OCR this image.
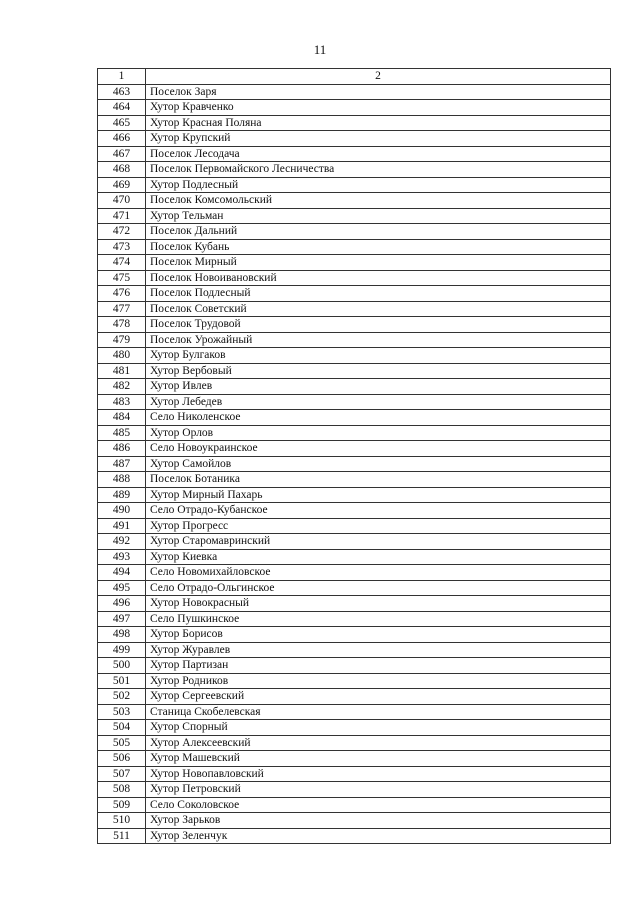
11
1	2
463	Поселок Заря
464	Хутор Кравченко
465	Хутор Красная Поляна
466	Хутор Крупский
467	Поселок Лесодача
468	Поселок Первомайского Лесничества
469	Хутор Подлесный
470	Поселок Комсомольский
471	Хутор Тельман
472	Поселок Дальний
473	Поселок Кубань
474	Поселок Мирный
475	Поселок Новоивановский
476	Поселок Подлесный
477	Поселок Советский
478	Поселок Трудовой
479	Поселок Урожайный
480	Хутор Булгаков
481	Хутор Вербовый
482	Хутор Ивлев
483	Хутор Лебедев
484	Село Николенское
485	Хутор Орлов
486	Село Новоукраинское
487	Хутор Самойлов
488	Поселок Ботаника
489	Хутор Мирный Пахарь
490	Село Отрадо-Кубанское
491	Хутор Прогресс
492	Хутор Старомавринский
493	Хутор Киевка
494	Село Новомихайловское
495	Село Отрадо-Ольгинское
496	Хутор Новокрасный
497	Село Пушкинское
498	Хутор Борисов
499	Хутор Журавлев
500	Хутор Партизан
501	Хутор Родников
502	Хутор Сергеевский
503	Станица Скобелевская
504	Хутор Спорный
505	Хутор Алексеевский
506	Хутор Машевский
507	Хутор Новопавловский
508	Хутор Петровский
509	Село Соколовское
510	Хутор Зарьков
511	Хутор Зеленчук
